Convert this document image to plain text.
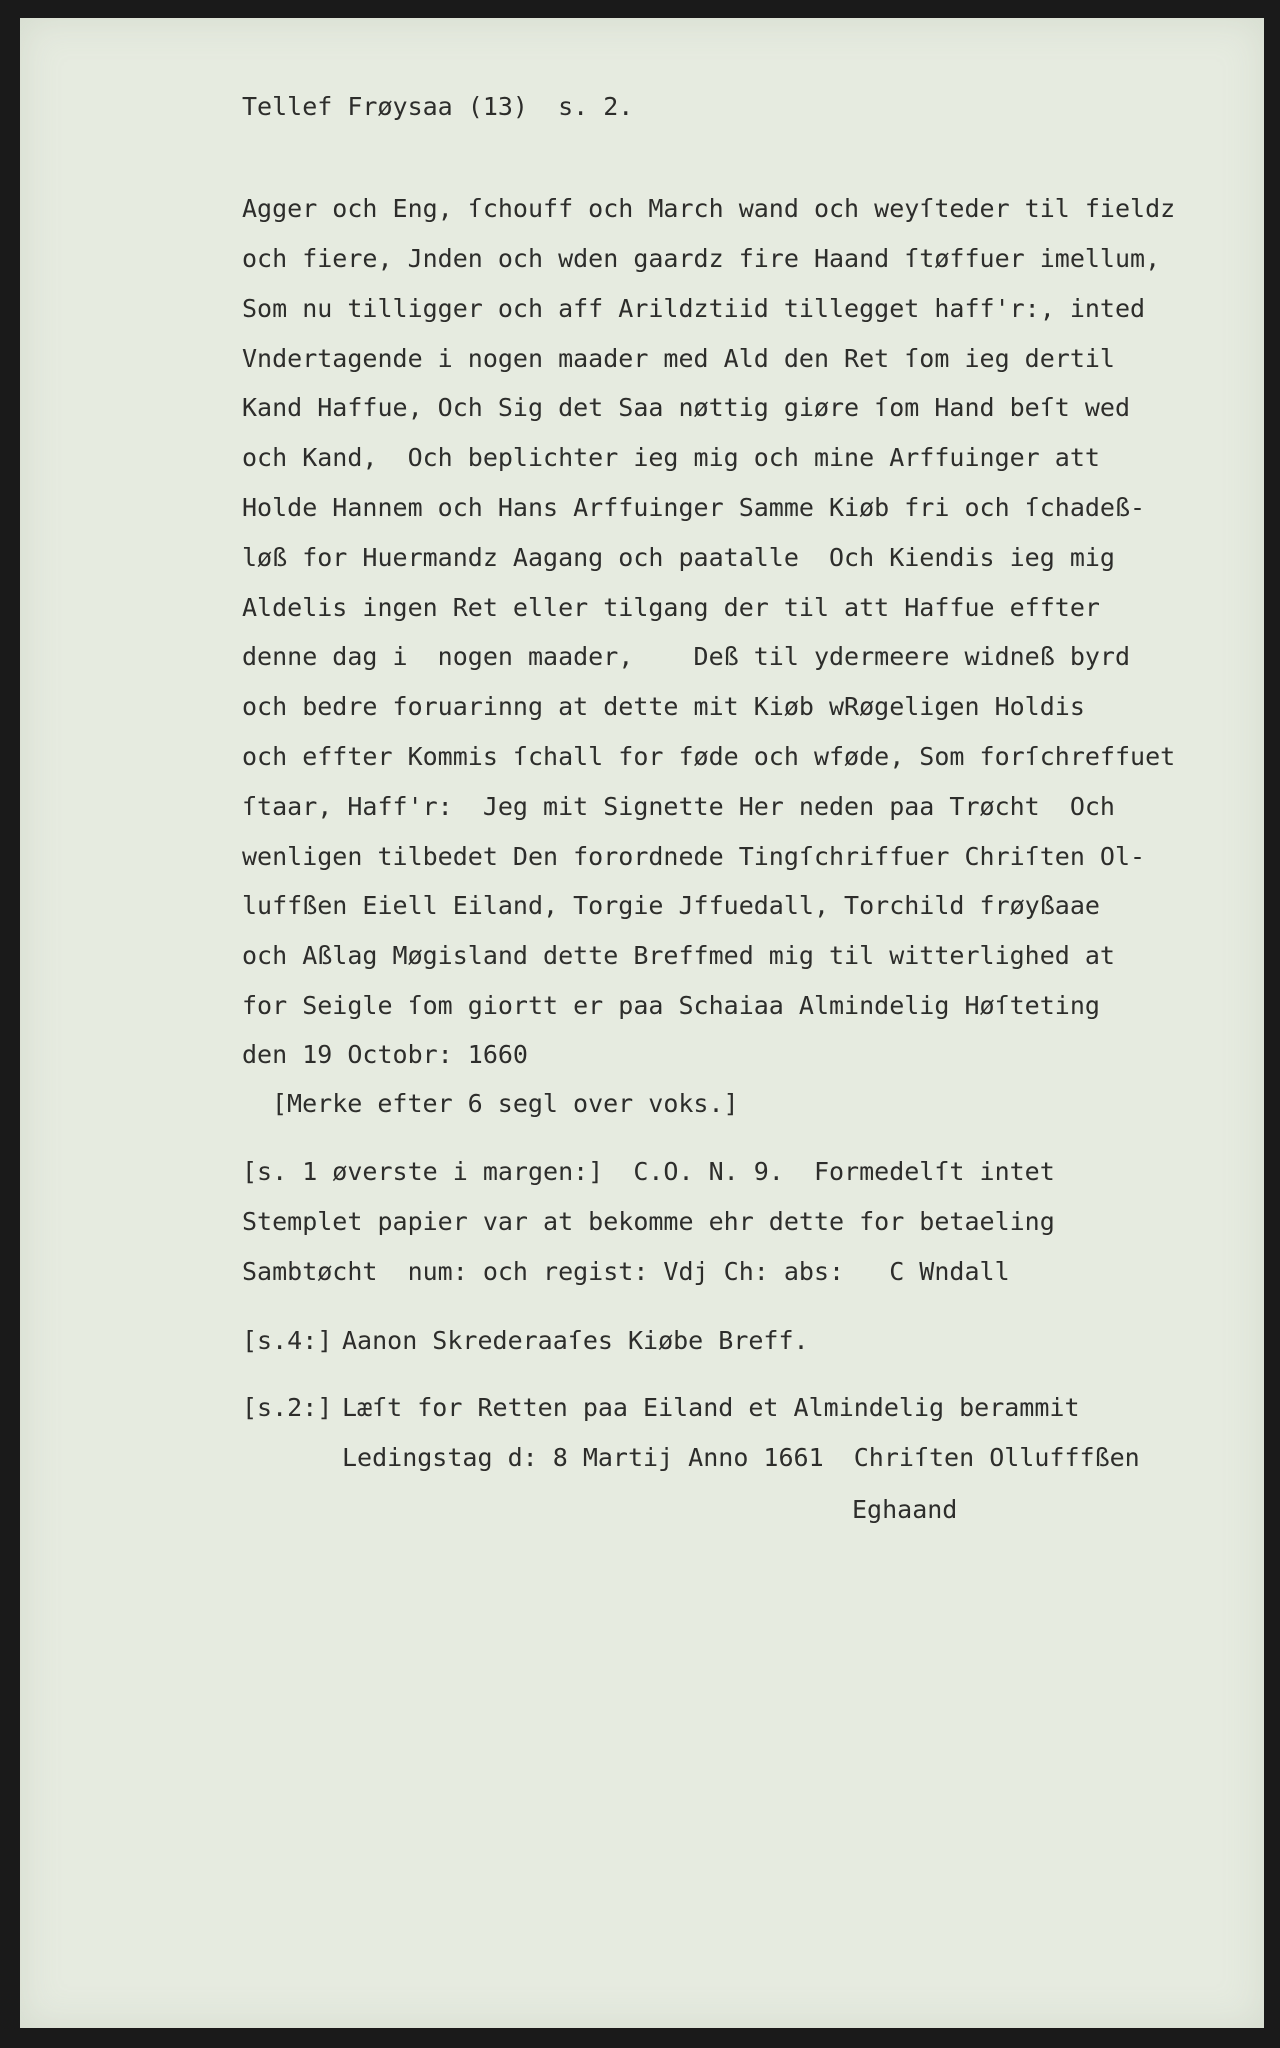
Tellef Frøysaa (13)  s. 2.
Agger och Eng, ſchouff och March wand och weyſteder til fieldz
och fiere, Jnden och wden gaardz fire Haand ſtøffuer imellum,
Som nu tilligger och aff Arildztiid tillegget haff'r:, inted
Vndertagende i nogen maader med Ald den Ret ſom ieg dertil
Kand Haffue, Och Sig det Saa nøttig giøre ſom Hand beſt wed
och Kand,  Och beplichter ieg mig och mine Arffuinger att
Holde Hannem och Hans Arffuinger Samme Kiøb fri och ſchadeß-
løß for Huermandz Aagang och paatalle  Och Kiendis ieg mig
Aldelis ingen Ret eller tilgang der til att Haffue effter
denne dag i  nogen maader,    Deß til ydermeere widneß byrd
och bedre foruarinng at dette mit Kiøb wRøgeligen Holdis
och effter Kommis ſchall for føde och wføde, Som forſchreffuet
ſtaar, Haff'r:  Jeg mit Signette Her neden paa Trøcht  Och
wenligen tilbedet Den forordnede Tingſchriffuer Chriſten Ol-
luffßen Eiell Eiland, Torgie Jffuedall, Torchild frøyßaae
och Aßlag Møgisland dette Breffmed mig til witterlighed at
for Seigle ſom giortt er paa Schaiaa Almindelig Høſteting
den 19 Octobr: 1660
[Merke efter 6 segl over voks.]
[s. 1 øverste i margen:]  C.O. N. 9.  Formedelſt intet
Stemplet papier var at bekomme ehr dette for betaeling
Sambtøcht  num: och regist: Vdj Ch: abs:   C Wndall
[s.4:] Aanon Skrederaaſes Kiøbe Breff.
[s.2:] Læſt for Retten paa Eiland et Almindelig berammit
Ledingstag d: 8 Martij Anno 1661  Chriſten Ollufffßen
Eghaand
